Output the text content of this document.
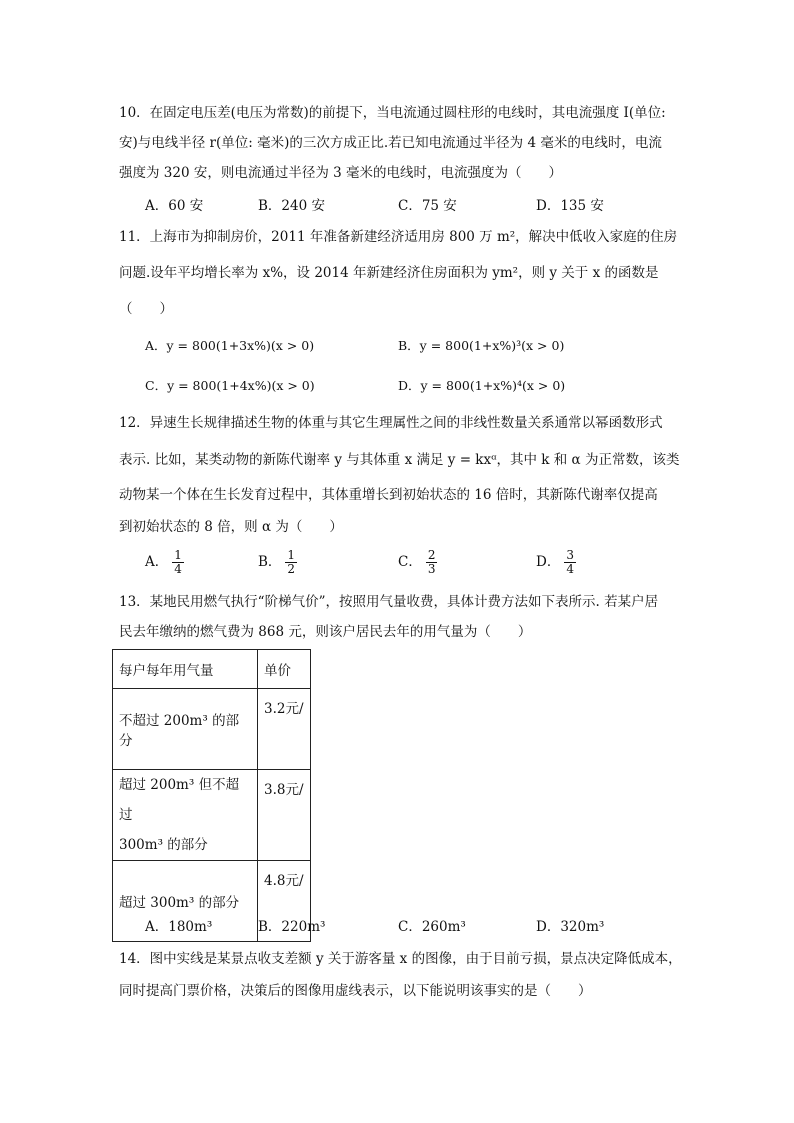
10．在固定电压差(电压为常数)的前提下，当电流通过圆柱形的电线时，其电流强度 I(单位:
安)与电线半径 r(单位: 毫米)的三次方成正比.若已知电流通过半径为 4 毫米的电线时，电流
强度为 320 安，则电流通过半径为 3 毫米的电线时，电流强度为（　　）
A．60 安	B．240 安	C．75 安	D．135 安
11．上海市为抑制房价，2011 年准备新建经济适用房 800 万 m²，解决中低收入家庭的住房
问题.设年平均增长率为 x%，设 2014 年新建经济住房面积为 ym²，则 y 关于 x 的函数是
（　　）
A．y = 800(1+3x%)(x > 0)	B．y = 800(1+x%)³(x > 0)
C．y = 800(1+4x%)(x > 0)	D．y = 800(1+x%)⁴(x > 0)
12．异速生长规律描述生物的体重与其它生理属性之间的非线性数量关系通常以幂函数形式
表示. 比如，某类动物的新陈代谢率 y 与其体重 x 满足 y = kxᵅ，其中 k 和 α 为正常数，该类
动物某一个体在生长发育过程中，其体重增长到初始状态的 16 倍时，其新陈代谢率仅提高
到初始状态的 8 倍，则 α 为（　　）
A． $\frac{1}{4}$	B． $\frac{1}{2}$	C． $\frac{2}{3}$	D． $\frac{3}{4}$
13．某地民用燃气执行“阶梯气价”，按照用气量收费，具体计费方法如下表所示. 若某户居
民去年缴纳的燃气费为 868 元，则该户居民去年的用气量为（　　）
每户每年用气量	单价
不超过 200m³ 的部分	3.2元/

超过 200m³ 但不超过
300m³ 的部分	3.8元/
超过 300m³ 的部分	4.8元/
A．180m³	B．220m³	C．260m³	D．320m³
14．图中实线是某景点收支差额 y 关于游客量 x 的图像，由于目前亏损，景点决定降低成本，
同时提高门票价格，决策后的图像用虚线表示，以下能说明该事实的是（　　）
